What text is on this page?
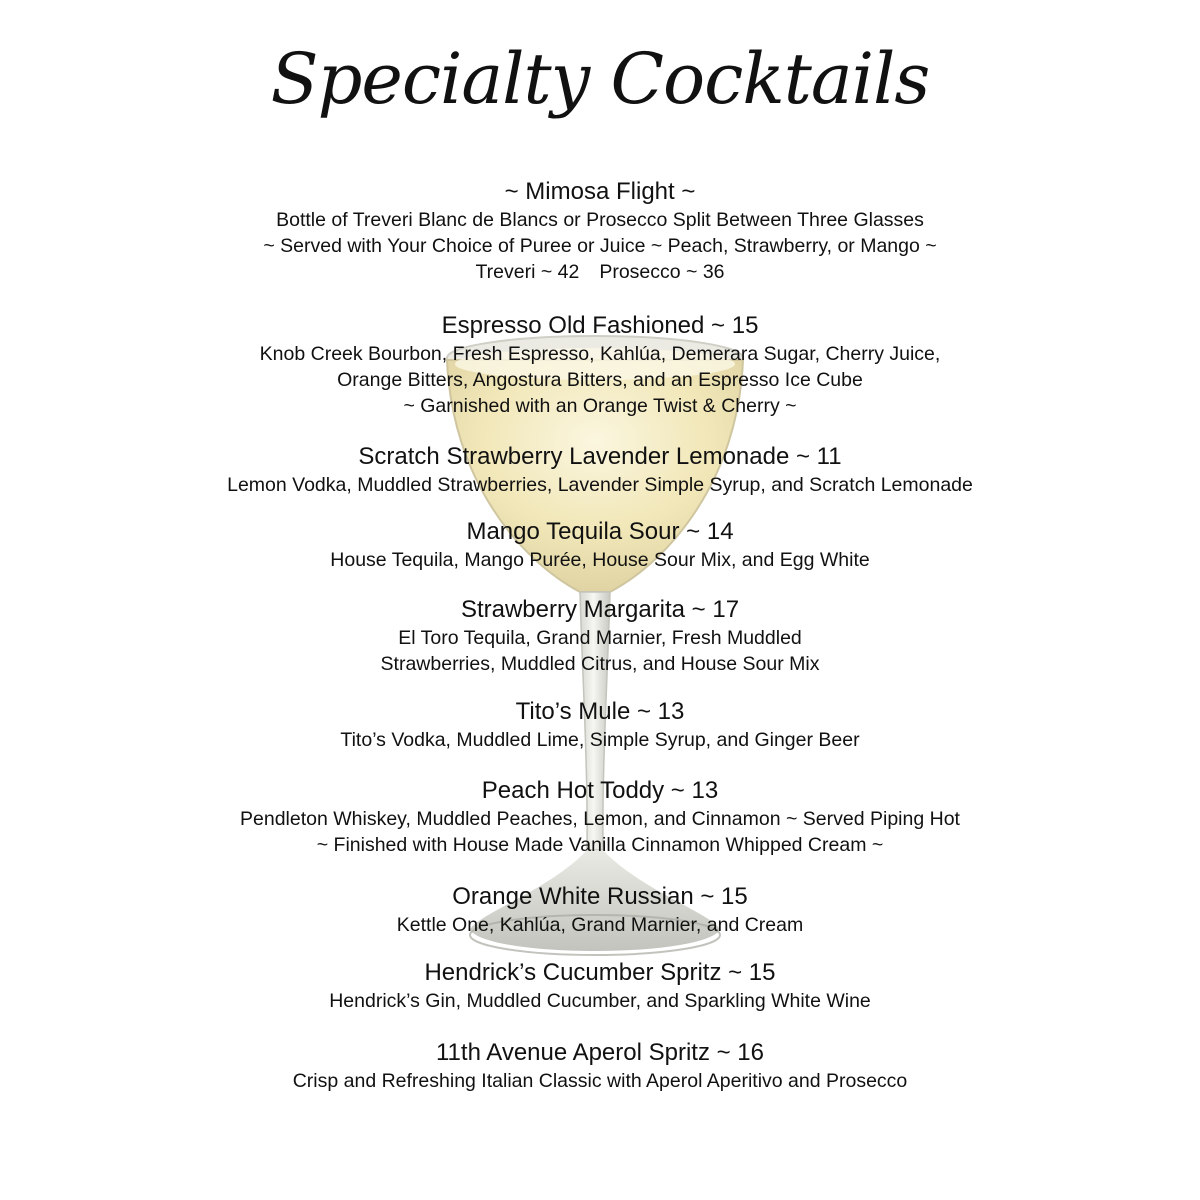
Specialty Cocktails
~ Mimosa Flight ~
Bottle of Treveri Blanc de Blancs or Prosecco Split Between Three Glasses
~ Served with Your Choice of Puree or Juice ~ Peach, Strawberry, or Mango ~
Treveri ~ 42 Prosecco ~ 36
Espresso Old Fashioned ~ 15
Knob Creek Bourbon, Fresh Espresso, Kahlúa, Demerara Sugar, Cherry Juice,
Orange Bitters, Angostura Bitters, and an Espresso Ice Cube
~ Garnished with an Orange Twist & Cherry ~
Scratch Strawberry Lavender Lemonade ~ 11
Lemon Vodka, Muddled Strawberries, Lavender Simple Syrup, and Scratch Lemonade
Mango Tequila Sour ~ 14
House Tequila, Mango Purée, House Sour Mix, and Egg White
Strawberry Margarita ~ 17
El Toro Tequila, Grand Marnier, Fresh Muddled
Strawberries, Muddled Citrus, and House Sour Mix
Tito’s Mule ~ 13
Tito’s Vodka, Muddled Lime, Simple Syrup, and Ginger Beer
Peach Hot Toddy ~ 13
Pendleton Whiskey, Muddled Peaches, Lemon, and Cinnamon ~ Served Piping Hot
~ Finished with House Made Vanilla Cinnamon Whipped Cream ~
Orange White Russian ~ 15
Kettle One, Kahlúa, Grand Marnier, and Cream
Hendrick’s Cucumber Spritz ~ 15
Hendrick’s Gin, Muddled Cucumber, and Sparkling White Wine
11th Avenue Aperol Spritz ~ 16
Crisp and Refreshing Italian Classic with Aperol Aperitivo and Prosecco
